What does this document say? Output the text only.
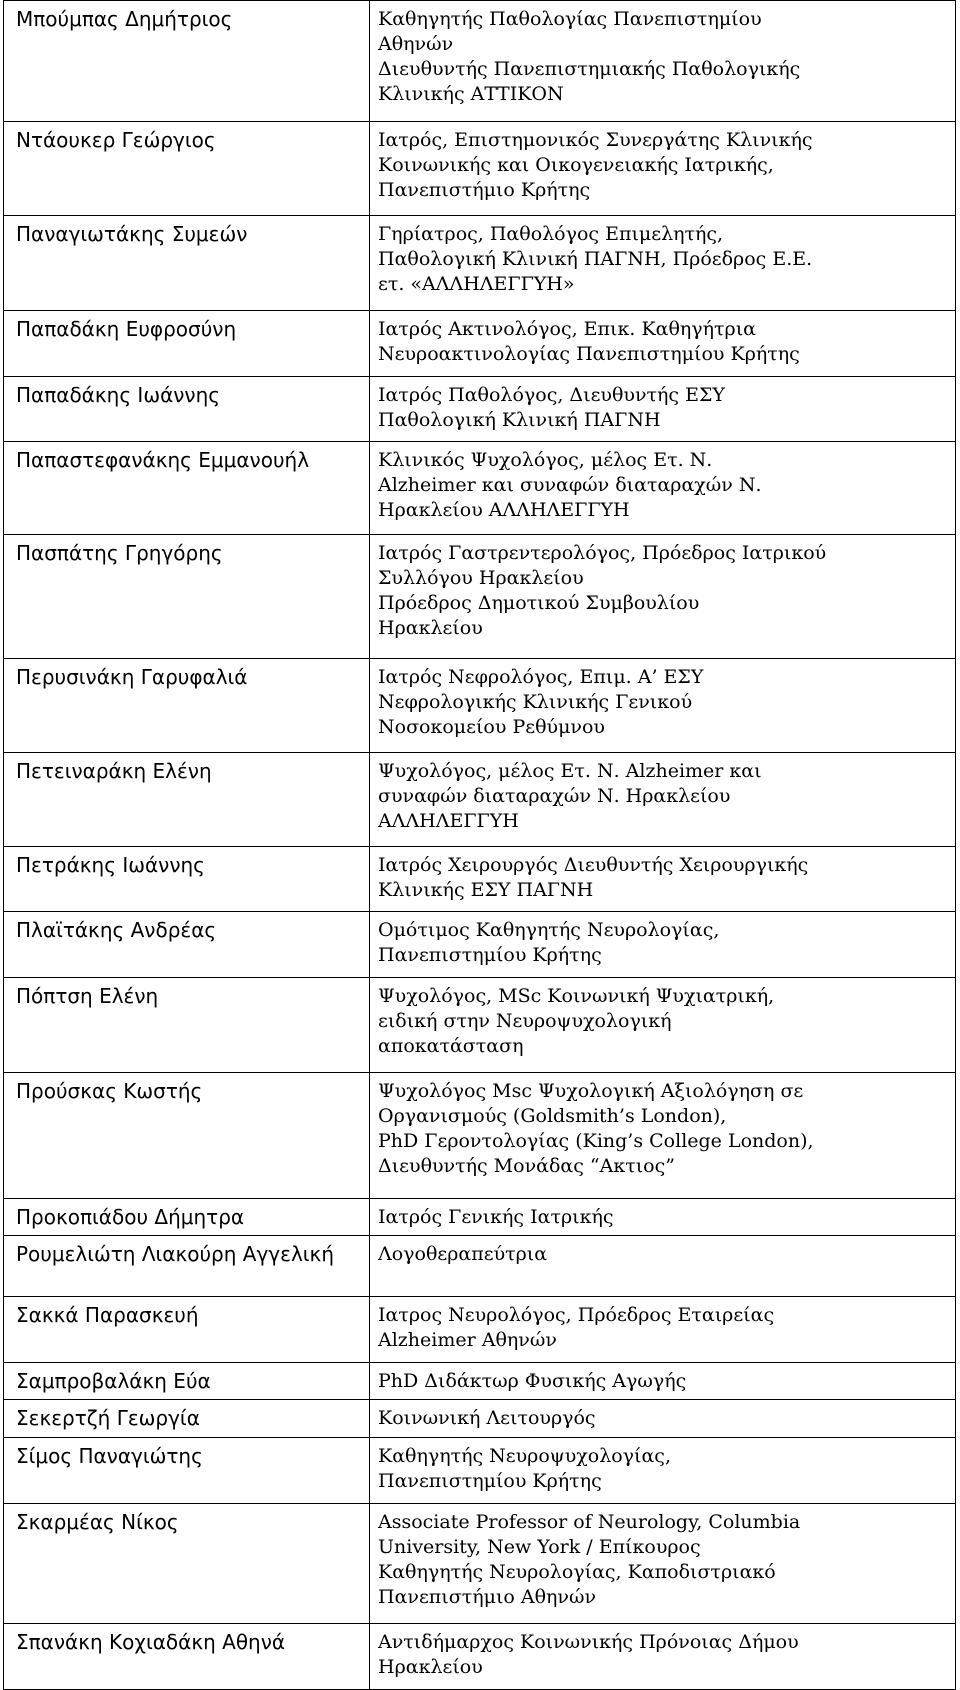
Μπούμπας Δημήτριος	Καθηγητής Παθολογίας Πανεπιστημίου
Αθηνών
Διευθυντής Πανεπιστημιακής Παθολογικής
Κλινικής ΑΤΤΙΚΟΝ

Ντάουκερ Γεώργιος	Ιατρός, Επιστημονικός Συνεργάτης Κλινικής
Κοινωνικής και Οικογενειακής Ιατρικής,
Πανεπιστήμιο Κρήτης

Παναγιωτάκης Συμεών	Γηρίατρος, Παθολόγος Επιμελητής,
Παθολογική Κλινική ΠΑΓΝΗ, Πρόεδρος Ε.Ε.
ετ. «ΑΛΛΗΛΕΓΓΥΗ»

Παπαδάκη Ευφροσύνη	Ιατρός Ακτινολόγος, Επικ. Καθηγήτρια
Νευροακτινολογίας Πανεπιστημίου Κρήτης

Παπαδάκης Ιωάννης	Ιατρός Παθολόγος, Διευθυντής ΕΣΥ
Παθολογική Κλινική ΠΑΓΝΗ

Παπαστεφανάκης Εμμανουήλ	Κλινικός Ψυχολόγος, μέλος Ετ. Ν.
Alzheimer και συναφών διαταραχών Ν.
Ηρακλείου ΑΛΛΗΛΕΓΓΥΗ

Πασπάτης Γρηγόρης	Ιατρός Γαστρεντερολόγος, Πρόεδρος Ιατρικού
Συλλόγου Ηρακλείου
Πρόεδρος Δημοτικού Συμβουλίου
Ηρακλείου

Περυσινάκη Γαρυφαλιά	Ιατρός Νεφρολόγος, Επιμ. Α’ ΕΣΥ
Νεφρολογικής Κλινικής Γενικού
Νοσοκομείου Ρεθύμνου

Πετειναράκη Ελένη	Ψυχολόγος, μέλος Ετ. Ν. Alzheimer και
συναφών διαταραχών Ν. Ηρακλείου
ΑΛΛΗΛΕΓΓΥΗ

Πετράκης Ιωάννης	Ιατρός Χειρουργός Διευθυντής Χειρουργικής
Κλινικής ΕΣΥ ΠΑΓΝΗ

Πλαϊτάκης Ανδρέας	Ομότιμος Καθηγητής Νευρολογίας,
Πανεπιστημίου Κρήτης

Πόπτση Ελένη	Ψυχολόγος, MSc Κοινωνική Ψυχιατρική,
ειδική στην Νευροψυχολογική
αποκατάσταση

Προύσκας Κωστής	Ψυχολόγος Msc Ψυχολογική Αξιολόγηση σε
Οργανισμούς (Goldsmith’s London),
PhD Γεροντολογίας (King’s College London),
Διευθυντής Μονάδας “Ακτιος”

Προκοπιάδου Δήμητρα	Ιατρός Γενικής Ιατρικής

Ρουμελιώτη Λιακούρη Αγγελική	Λογοθεραπεύτρια

Σακκά Παρασκευή	Ιατρος Νευρολόγος, Πρόεδρος Εταιρείας
Alzheimer Αθηνών

Σαμπροβαλάκη Εύα	PhD Διδάκτωρ Φυσικής Αγωγής

Σεκερτζή Γεωργία	Κοινωνική Λειτουργός

Σίμος Παναγιώτης	Καθηγητής Νευροψυχολογίας,
Πανεπιστημίου Κρήτης

Σκαρμέας Νίκος	Associate Professor of Neurology, Columbia
University, New York / Επίκουρος
Καθηγητής Νευρολογίας, Καποδιστριακό
Πανεπιστήμιο Αθηνών

Σπανάκη Κοχιαδάκη Αθηνά	Αντιδήμαρχος Κοινωνικής Πρόνοιας Δήμου
Ηρακλείου
